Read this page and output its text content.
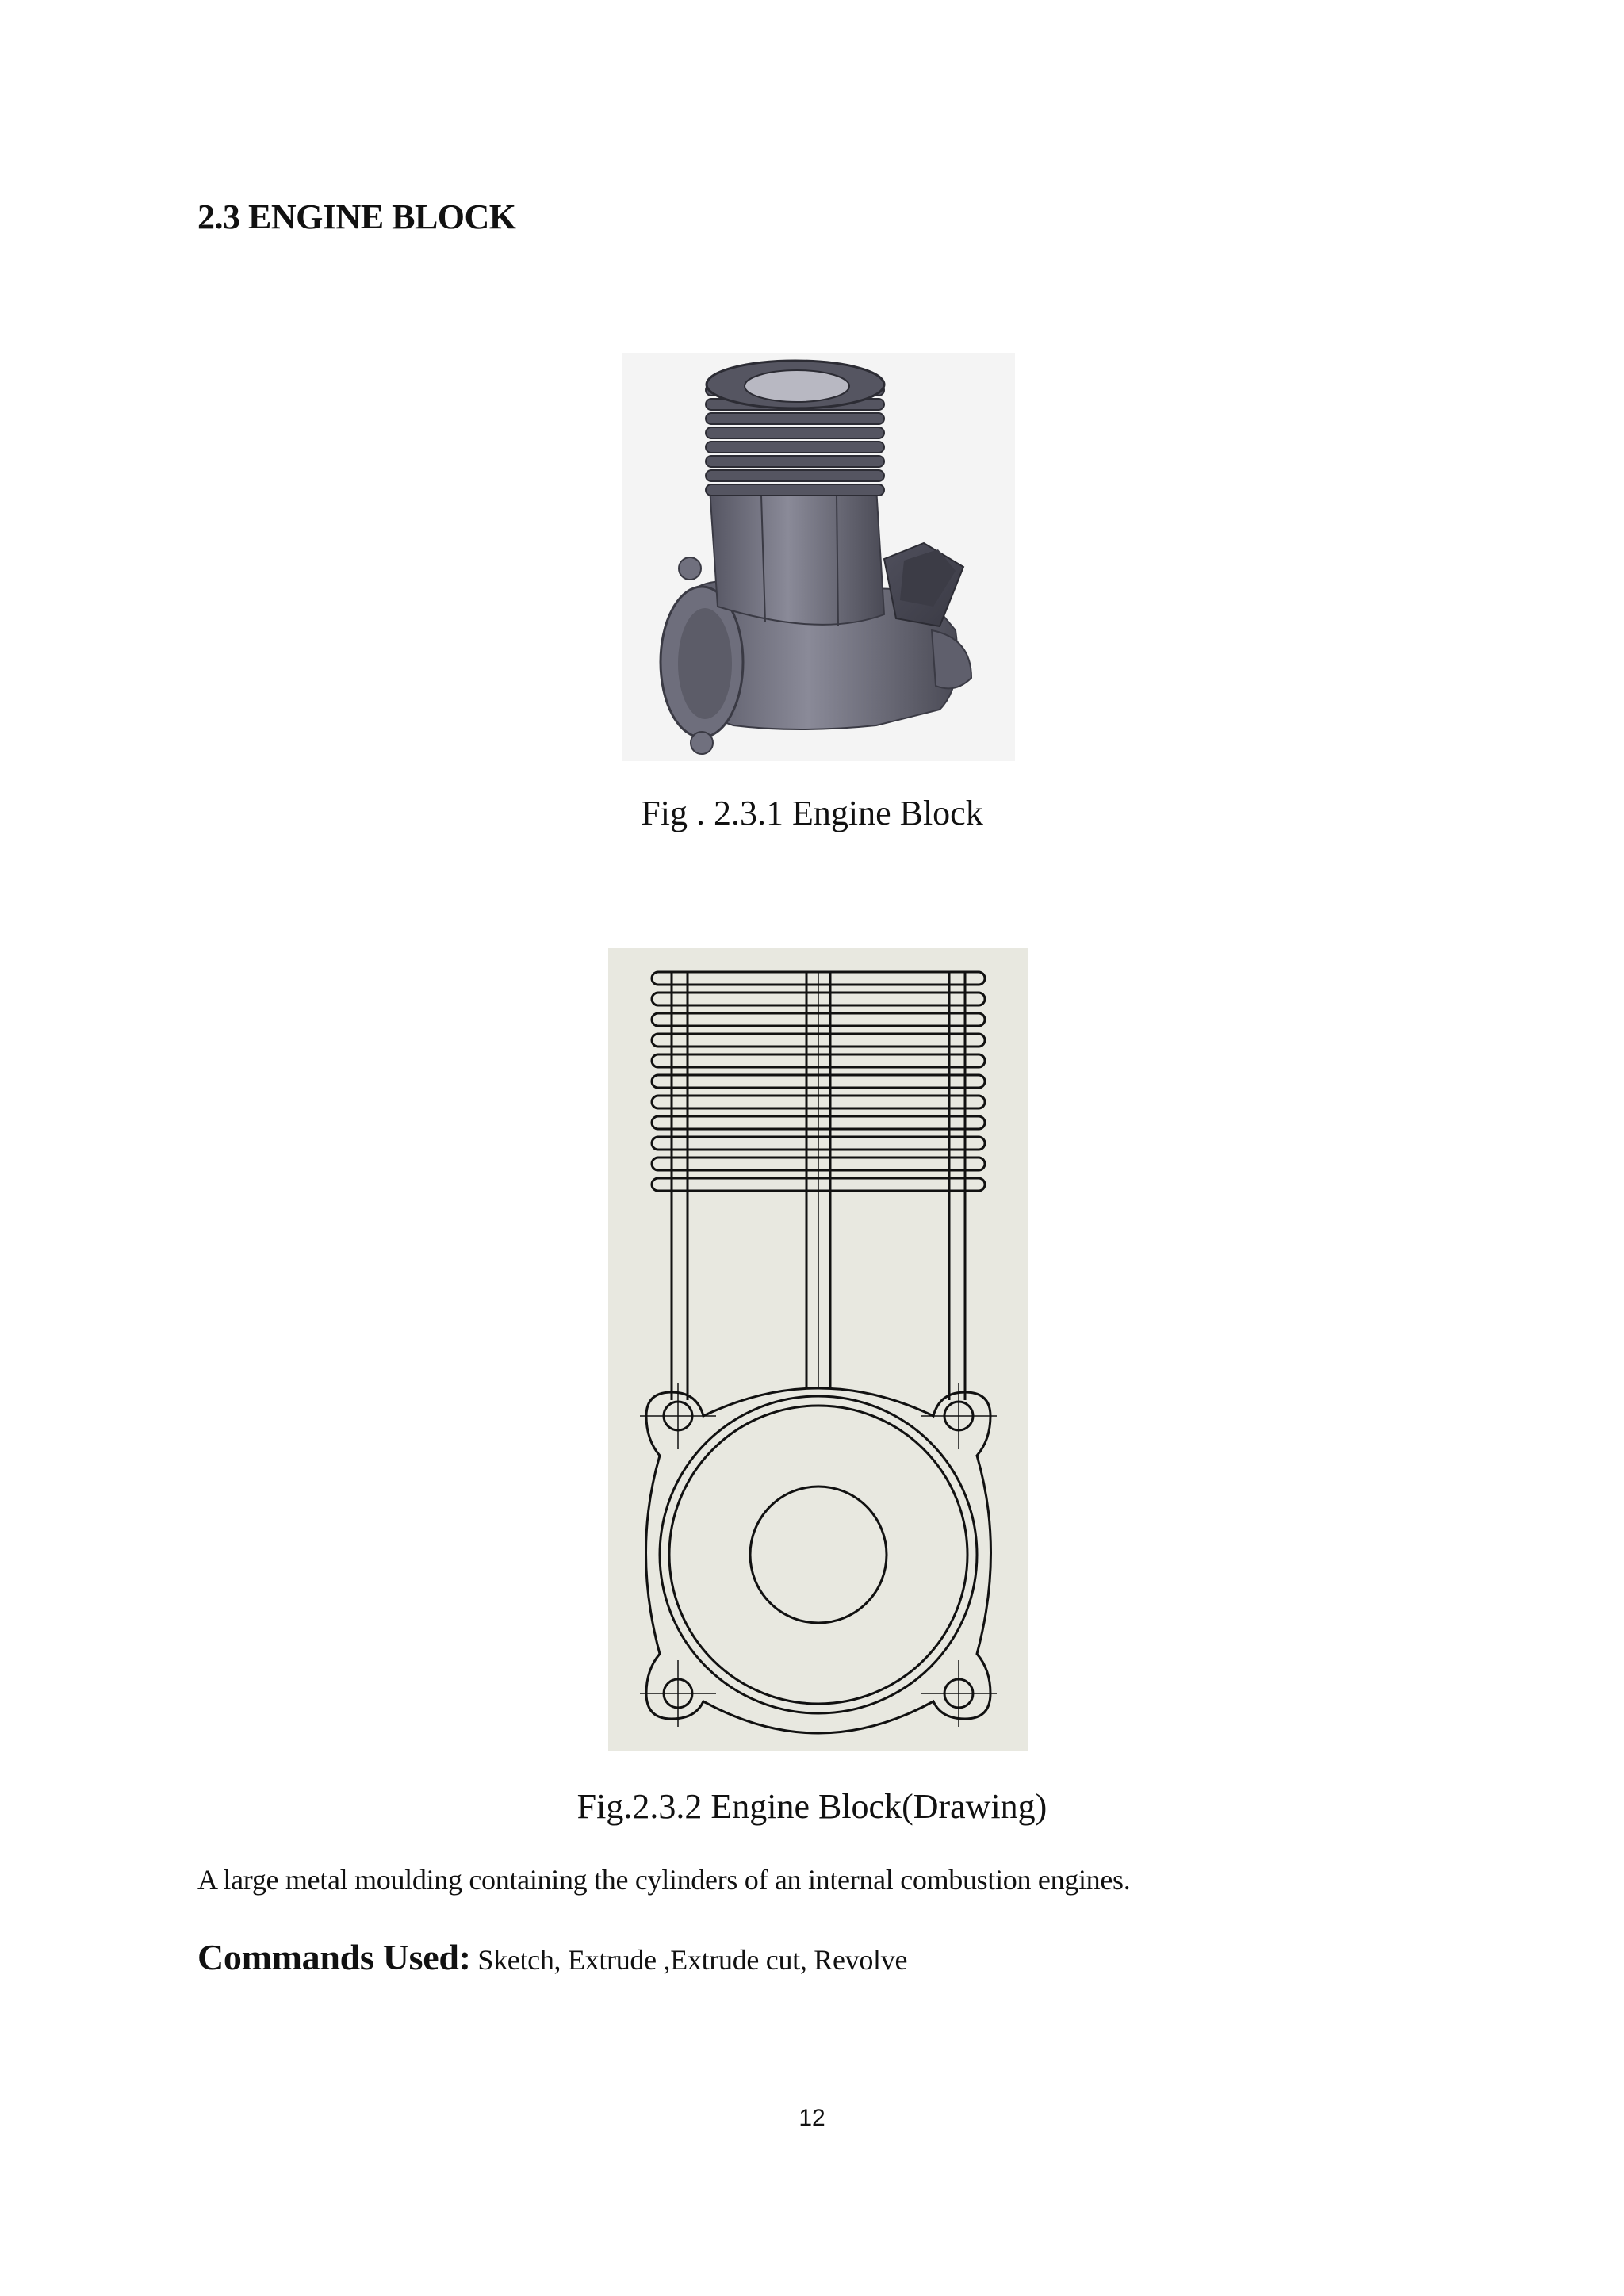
2.3 ENGINE BLOCK

Fig . 2.3.1 Engine Block

Fig.2.3.2 Engine Block(Drawing)

A large metal moulding containing the cylinders of an internal combustion engines.

Commands Used: Sketch, Extrude ,Extrude cut, Revolve

12
